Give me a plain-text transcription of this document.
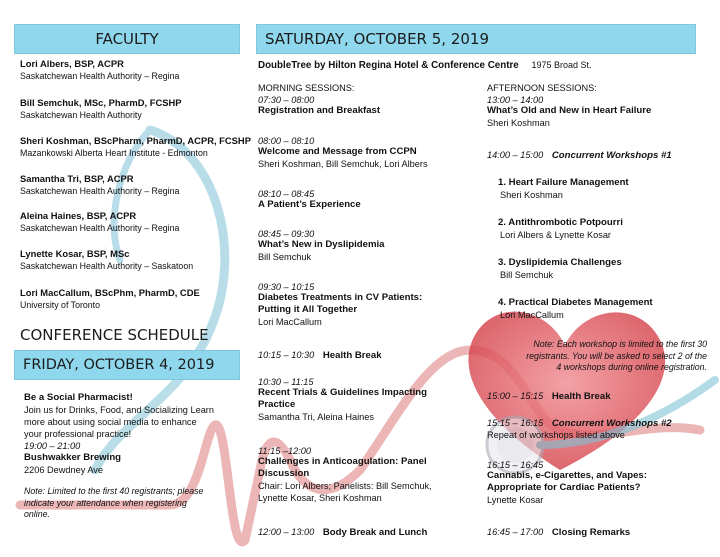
FACULTY
Lori Albers, BSP, ACPR
Saskatchewan Health Authority – Regina
Bill Semchuk, MSc, PharmD, FCSHP
Saskatchewan Health Authority
Sheri Koshman, BScPharm, PharmD, ACPR, FCSHP
Mazankowski Alberta Heart Institute - Edmonton
Samantha Tri, BSP, ACPR
Saskatchewan Health Authority – Regina
Aleina Haines, BSP, ACPR
Saskatchewan Health Authority – Regina
Lynette Kosar, BSP, MSc
Saskatchewan Health Authority – Saskatoon
Lori MacCallum, BScPhm, PharmD, CDE
University of Toronto
CONFERENCE SCHEDULE
FRIDAY, OCTOBER 4, 2019
Be a Social Pharmacist!
Join us for Drinks, Food, and Socializing Learn
more about using social media to enhance
your professional practice!
19:00 – 21:00
Bushwakker Brewing
2206 Dewdney Ave
Note: Limited to the first 40 registrants; please
indicate your attendance when registering
online.
SATURDAY, OCTOBER 5, 2019
DoubleTree by Hilton Regina Hotel & Conference Centre 1975 Broad St.
MORNING SESSIONS:
07:30 – 08:00
Registration and Breakfast
08:00 – 08:10
Welcome and Message from CCPN
Sheri Koshman, Bill Semchuk, Lori Albers
08:10 – 08:45
A Patient’s Experience
08:45 – 09:30
What’s New in Dyslipidemia
Bill Semchuk
09:30 – 10:15
Diabetes Treatments in CV Patients:
Putting it All Together
Lori MacCallum
10:15 – 10:30 Health Break
10:30 – 11:15
Recent Trials & Guidelines Impacting
Practice
Samantha Tri, Aleina Haines
11:15 –12:00
Challenges in Anticoagulation: Panel
Discussion
Chair: Lori Albers; Panelists: Bill Semchuk,
Lynette Kosar, Sheri Koshman
12:00 – 13:00 Body Break and Lunch
AFTERNOON SESSIONS:
13:00 – 14:00
What’s Old and New in Heart Failure
Sheri Koshman
14:00 – 15:00 Concurrent Workshops #1
1. Heart Failure Management
Sheri Koshman
2. Antithrombotic Potpourri
Lori Albers & Lynette Kosar
3. Dyslipidemia Challenges
Bill Semchuk
4. Practical Diabetes Management
Lori MacCallum
Note: Each workshop is limited to the first 30
registrants. You will be asked to select 2 of the
4 workshops during online registration.
15:00 – 15:15 Health Break
15:15 – 16:15 Concurrent Workshops #2
Repeat of workshops listed above
16:15 – 16:45
Cannabis, e-Cigarettes, and Vapes:
Appropriate for Cardiac Patients?
Lynette Kosar
16:45 – 17:00 Closing Remarks
